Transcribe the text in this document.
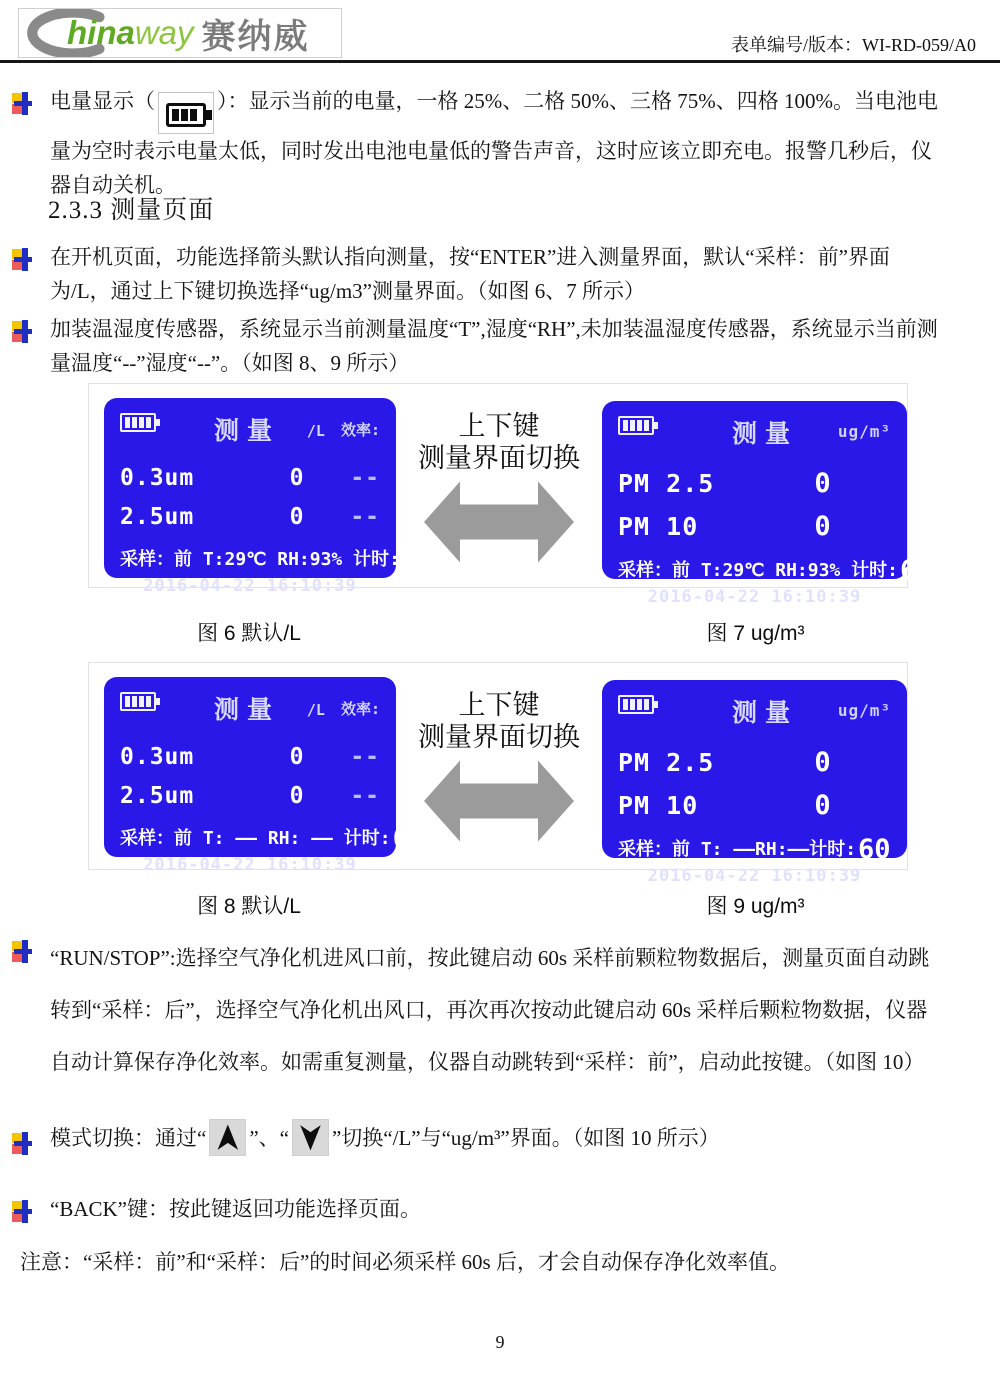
hina way 赛纳威	表单编号/版本：WI-RD-059/A0
电量显示（	）：显示当前的电量，一格 25%、二格 50%、三格 75%、四格 100%。当电池电量为空时表示电量太低，同时发出电池电量低的警告声音，这时应该立即充电。报警几秒后，仪器自动关机。
2.3.3 测量页面
在开机页面，功能选择箭头默认指向测量，按“ENTER”进入测量界面，默认“采样：前”界面为/L，通过上下键切换选择“ug/m3”测量界面。（如图 6、7 所示）
加装温湿度传感器，系统显示当前测量温度“T”,湿度“RH”,未加装温湿度传感器，系统显示当前测量温度“--”湿度“--”。（如图 8、9 所示）
测量 /L 效率:
0.3um	0	--
2.5um	0	--
采样：前 T:29℃ RH:93% 计时: 60
2016-04-22 16:10:39
上下键
测量界面切换
测量 ug/m³
PM 2.5	0
PM 10	0
采样：前 T:29℃ RH:93% 计时: 60
2016-04-22 16:10:39
图 6 默认/L	图 7 ug/m³
测量 /L 效率:
0.3um	0	--
2.5um	0	--
采样：前 T: —— RH: —— 计时: 60
2016-04-22 16:10:39
上下键
测量界面切换
测量 ug/m³
PM 2.5	0
PM 10	0
采样：前 T: ——RH:——计时: 60
2016-04-22 16:10:39
图 8 默认/L	图 9 ug/m³
“RUN/STOP”:选择空气净化机进风口前，按此键启动 60s 采样前颗粒物数据后，测量页面自动跳转到“采样：后”，选择空气净化机出风口，再次再次按动此键启动 60s 采样后颗粒物数据，仪器自动计算保存净化效率。如需重复测量，仪器自动跳转到“采样：前”，启动此按键。（如图 10）
模式切换：通过“ ”、“ ”切换“/L”与“ug/m³”界面。（如图 10 所示）
“BACK”键：按此键返回功能选择页面。
注意：“采样：前”和“采样：后”的时间必须采样 60s 后，才会自动保存净化效率值。
9
